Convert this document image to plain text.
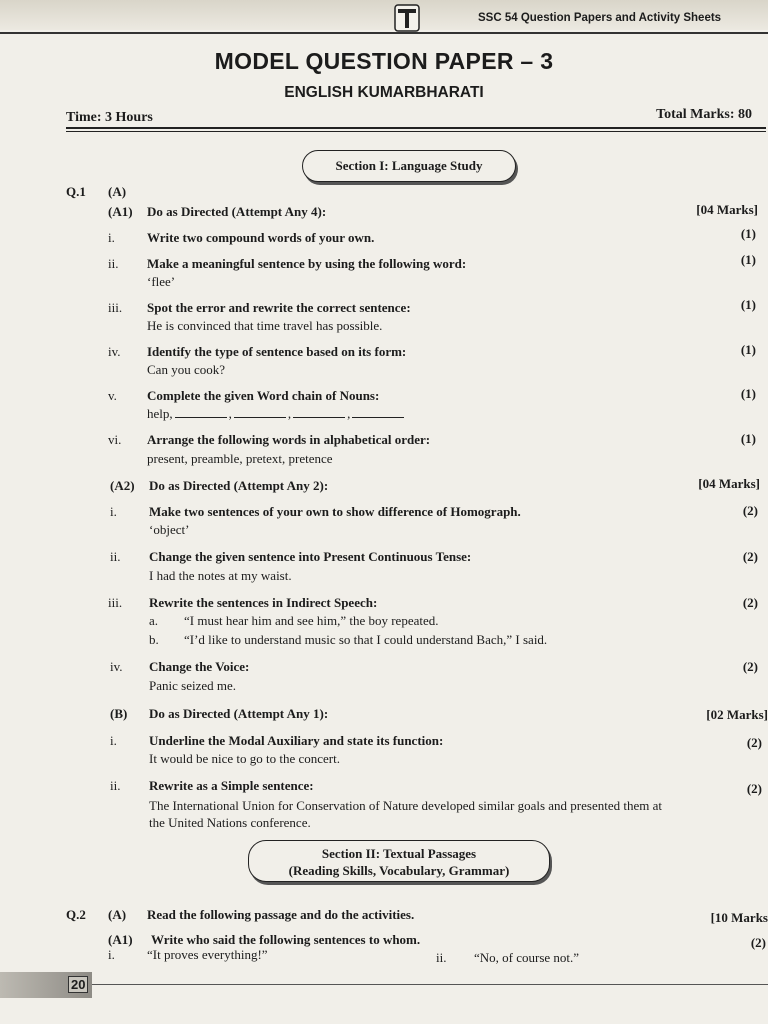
SSC 54 Question Papers and Activity Sheets
MODEL QUESTION PAPER – 3
ENGLISH KUMARBHARATI
Time: 3 Hours	Total Marks: 80
Section I: Language Study
Q.1 (A)
(A1) Do as Directed (Attempt Any 4):	[04 Marks]
i. Write two compound words of your own.	(1)
ii. Make a meaningful sentence by using the following word:
‘flee’
(1)
iii. Spot the error and rewrite the correct sentence:
He is convinced that time travel has possible.
(1)
iv. Identify the type of sentence based on its form:
Can you cook?
(1)
v. Complete the given Word chain of Nouns:
help,	,	,	,
(1)
vi. Arrange the following words in alphabetical order:
present, preamble, pretext, pretence
(1)
(A2) Do as Directed (Attempt Any 2):	[04 Marks]
i. Make two sentences of your own to show difference of Homograph.
‘object’
(2)
ii. Change the given sentence into Present Continuous Tense:
I had the notes at my waist.
(2)
iii. Rewrite the sentences in Indirect Speech:
a. “I must hear him and see him,” the boy repeated.
b. “I’d like to understand music so that I could understand Bach,” I said.
(2)
iv. Change the Voice:
Panic seized me.
(2)
(B) Do as Directed (Attempt Any 1):	[02 Marks]
i. Underline the Modal Auxiliary and state its function:
It would be nice to go to the concert.
(2)
ii. Rewrite as a Simple sentence:
The International Union for Conservation of Nature developed similar goals and presented them at
the United Nations conference.
(2)
Section II: Textual Passages
(Reading Skills, Vocabulary, Grammar)
Q.2 (A) Read the following passage and do the activities.	[10 Marks
(A1) Write who said the following sentences to whom.	(2)
i. “It proves everything!”	ii. “No, of course not.”
20
